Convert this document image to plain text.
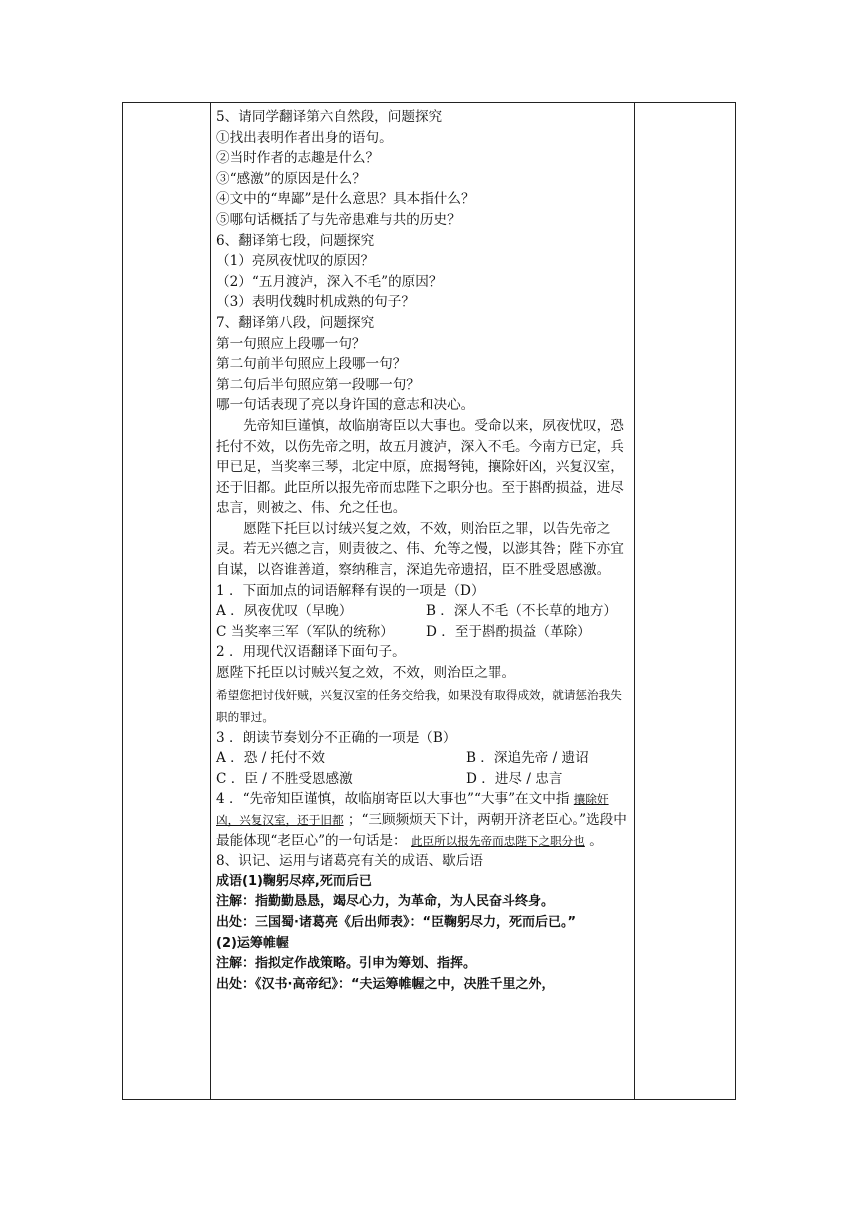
5、请同学翻译第六自然段，问题探究

①找出表明作者出身的语句。

②当时作者的志趣是什么？

③“感激”的原因是什么？

④文中的“卑鄙”是什么意思？具本指什么？

⑤哪句话概括了与先帝患难与共的历史？

6、翻译第七段，问题探究

（1）亮夙夜忧叹的原因？

（2）“五月渡泸，深入不毛”的原因？

（3）表明伐魏时机成熟的句子？

7、翻译第八段，问题探究

第一句照应上段哪一句？

第二句前半句照应上段哪一句？

第二句后半句照应第一段哪一句？

哪一句话表现了亮以身许国的意志和决心。

先帝知巨谨慎，故临崩寄臣以大事也。受命以来，夙夜忧叹，恐托付不效，以伤先帝之明，故五月渡泸，深入不毛。今南方已定，兵甲已足，当奖率三琴，北定中原，庶揭弩钝，攘除奸凶，兴复汉室，还于旧都。此臣所以报先帝而忠陛下之职分也。至于斟酌损益，进尽忠言，则被之、伟、允之任也。

愿陛下托巨以讨绒兴复之效，不效，则治臣之罪，以告先帝之灵。若无兴德之言，则责彼之、伟、允等之慢，以澎其咎；陛下亦宜自谋，以咨谁善道，察纳稚言，深追先帝遗招，臣不胜受恩感激。

1 ．下面加点的词语解释有误的一项是（D）

A ．夙夜优叹（早晚）	B ．深人不毛（不长草的地方）
C 当奖率三军（军队的统称）	D ．至于斟酌损益（革除）

2 ．用现代汉语翻译下面句子。

愿陛下托臣以讨贼兴复之效，不效，则治臣之罪。

希望您把讨伐奸贼，兴复汉室的任务交给我，如果没有取得成效，就请惩治我失职的罪过。

3 ．朗读节奏划分不正确的一项是（B）

A ．恐 / 托付不效	B ．深追先帝 / 遗诏
C ．臣 / 不胜受恩感激	D ．进尽 / 忠言

4 ．“先帝知臣谨慎，故临崩寄臣以大事也”“大事”在文中指 攘除奸凶，兴复汉室，还于旧都 ；“三顾频烦天下计，两朝开济老臣心。”选段中最能体现“老臣心”的一句话是： 此臣所以报先帝而忠陛下之职分也 。

8、识记、运用与诸葛亮有关的成语、歇后语

成语(1)鞠躬尽瘁,死而后已

注解：指勤勤恳恳，竭尽心力，为革命，为人民奋斗终身。

出处：三国蜀·诸葛亮《后出师表》：“臣鞠躬尽力，死而后已。”

(2)运筹帷幄

注解：指拟定作战策略。引申为筹划、指挥。

出处：《汉书·高帝纪》：“夫运筹帷幄之中，决胜千里之外，
